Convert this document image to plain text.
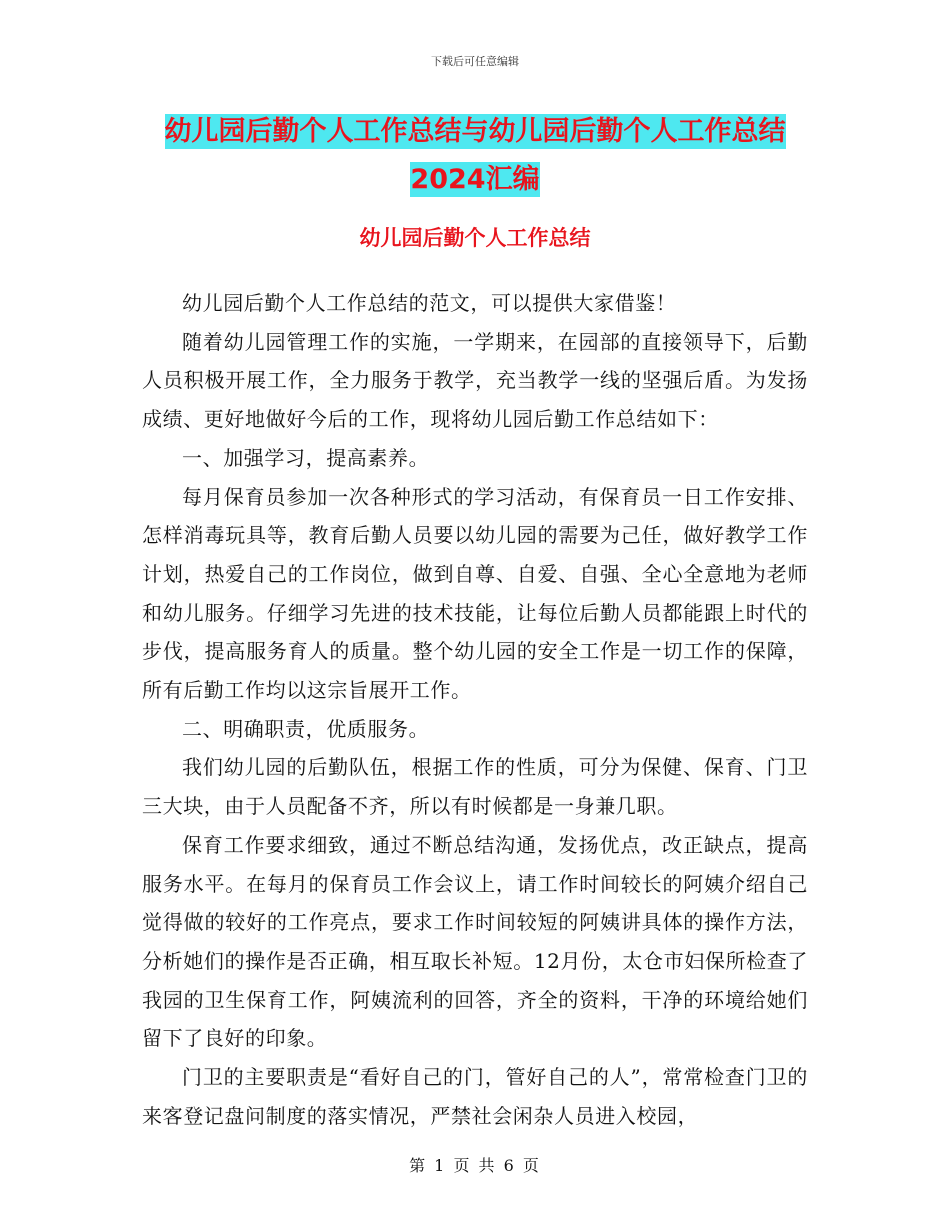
下载后可任意编辑
幼儿园后勤个人工作总结与幼儿园后勤个人工作总结
2024汇编
幼儿园后勤个人工作总结

幼儿园后勤个人工作总结的范文，可以提供大家借鉴！

随着幼儿园管理工作的实施，一学期来，在园部的直接领导下，后勤人员积极开展工作，全力服务于教学，充当教学一线的坚强后盾。为发扬成绩、更好地做好今后的工作，现将幼儿园后勤工作总结如下：

一、加强学习，提高素养。

每月保育员参加一次各种形式的学习活动，有保育员一日工作安排、怎样消毒玩具等，教育后勤人员要以幼儿园的需要为己任，做好教学工作计划，热爱自己的工作岗位，做到自尊、自爱、自强、全心全意地为老师和幼儿服务。仔细学习先进的技术技能，让每位后勤人员都能跟上时代的步伐，提高服务育人的质量。整个幼儿园的安全工作是一切工作的保障，所有后勤工作均以这宗旨展开工作。

二、明确职责，优质服务。

我们幼儿园的后勤队伍，根据工作的性质，可分为保健、保育、门卫三大块，由于人员配备不齐，所以有时候都是一身兼几职。

保育工作要求细致，通过不断总结沟通，发扬优点，改正缺点，提高服务水平。在每月的保育员工作会议上，请工作时间较长的阿姨介绍自己觉得做的较好的工作亮点，要求工作时间较短的阿姨讲具体的操作方法，分析她们的操作是否正确，相互取长补短。12月份，太仓市妇保所检查了我园的卫生保育工作，阿姨流利的回答，齐全的资料，干净的环境给她们留下了良好的印象。

门卫的主要职责是“看好自己的门，管好自己的人”，常常检查门卫的来客登记盘问制度的落实情况，严禁社会闲杂人员进入校园，

第 1 页 共 6 页
